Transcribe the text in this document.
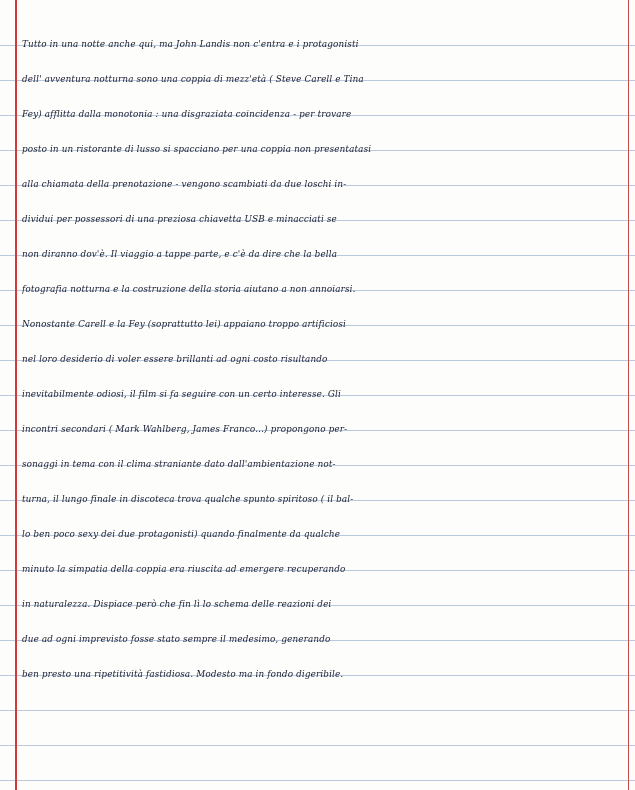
Tutto in una notte anche qui, ma John Landis non c'entra e i protagonisti
dell' avventura notturna sono una coppia di mezz'età ( Steve Carell e Tina
Fey) afflitta dalla monotonia : una disgraziata coincidenza - per trovare
posto in un ristorante di lusso si spacciano per una coppia non presentatasi
alla chiamata della prenotazione - vengono scambiati da due loschi in-
dividui per possessori di una preziosa chiavetta USB e minacciati se
non diranno dov'è. Il viaggio a tappe parte, e c'è da dire che la bella
fotografia notturna e la costruzione della storia aiutano a non annoiarsi.
Nonostante Carell e la Fey (soprattutto lei) appaiano troppo artificiosi
nel loro desiderio di voler essere brillanti ad ogni costo risultando
inevitabilmente odiosi, il film si fa seguire con un certo interesse. Gli
incontri secondari ( Mark Wahlberg, James Franco...) propongono per-
sonaggi in tema con il clima straniante dato dall'ambientazione not-
turna, il lungo finale in discoteca trova qualche spunto spiritoso ( il bal-
lo ben poco sexy dei due protagonisti) quando finalmente da qualche
minuto la simpatia della coppia era riuscita ad emergere recuperando
in naturalezza. Dispiace però che fin lì lo schema delle reazioni dei
due ad ogni imprevisto fosse stato sempre il medesimo, generando
ben presto una ripetitività fastidiosa. Modesto ma in fondo digeribile.
